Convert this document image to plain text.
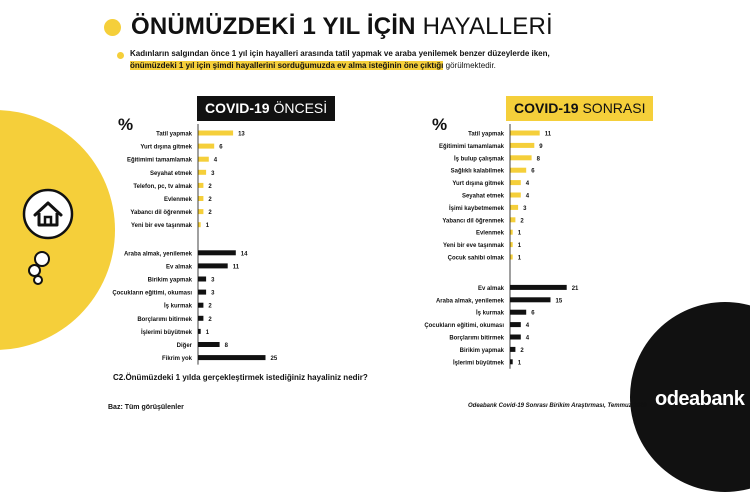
ÖNÜMÜZDEKİ 1 YIL İÇİN HAYALLERİ
Kadınların salgından önce 1 yıl için hayalleri arasında tatil yapmak ve araba yenilemek benzer düzeylerde iken,
önümüzdeki 1 yıl için şimdi hayallerini sorduğumuzda ev alma isteğinin öne çıktığı görülmektedir.
COVID-19 ÖNCESİ	COVID-19 SONRASI
%	%
Tatil yapmak	13
Yurt dışına gitmek	6
Eğitimimi tamamlamak	4
Seyahat etmek	3
Telefon, pc, tv almak	2
Evlenmek	2
Yabancı dil öğrenmek	2
Yeni bir eve taşınmak 1
Araba almak, yenilemek	14
Ev almak	11
Birikim yapmak	3
Çocukların eğitimi, okuması	3
İş kurmak	2
Borçlarımı bitirmek	2
İşlerimi büyütmek 1
Diğer	8
Fikrim yok	25
Tatil yapmak	11
Eğitimimi tamamlamak	9
İş bulup çalışmak	8
Sağlıklı kalabilmek	6
Yurt dışına gitmek	4
Seyahat etmek	4
İşimi kaybetmemek	3
Yabancı dil öğrenmek	2
Evlenmek 1
Yeni bir eve taşınmak 1
Çocuk sahibi olmak 1
Ev almak	21
Araba almak, yenilemek	15
İş kurmak	6
Çocukların eğitimi, okuması	4
Borçlarımı bitirmek	4
Birikim yapmak	2
İşlerimi büyütmek 1
C2.Önümüzdeki 1 yılda gerçekleştirmek istediğiniz hayaliniz nedir?
Baz: Tüm görüşülenler	Odeabank Covid-19 Sonrası Birikim Araştırması, Temmuz 2020 odeabank
